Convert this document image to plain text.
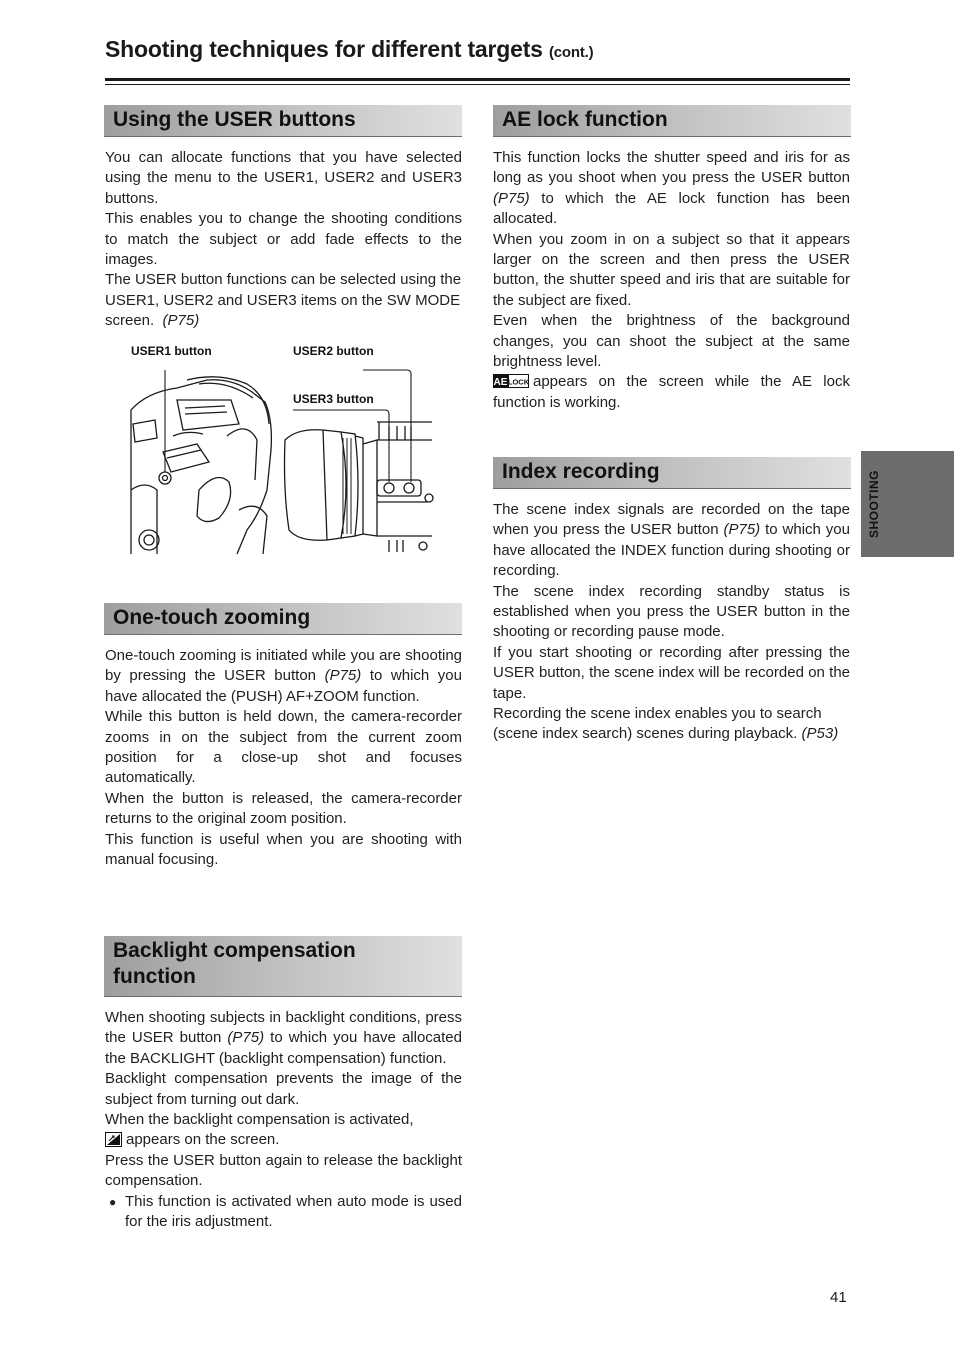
Shooting techniques for different targets (cont.)
Using the USER buttons

You can allocate functions that you have selected using the menu to the USER1, USER2 and USER3 buttons.

This enables you to change the shooting conditions to match the subject or add fade effects to the images.

The USER button functions can be selected using the USER1, USER2 and USER3 items on the SW MODE screen. (P75)

USER1 button	USER2 button
USER3 button
One-touch zooming

One-touch zooming is initiated while you are shooting by pressing the USER button (P75) to which you have allocated the (PUSH) AF+ZOOM function.

While this button is held down, the camera-recorder zooms in on the subject from the current zoom position for a close-up shot and focuses automatically.

When the button is released, the camera-recorder returns to the original zoom position.

This function is useful when you are shooting with manual focusing.

Backlight compensation
function

When shooting subjects in backlight conditions, press the USER button (P75) to which you have allocated the BACKLIGHT (backlight compensation) function.

Backlight compensation prevents the image of the subject from turning out dark.

When the backlight compensation is activated,
appears on the screen.

Press the USER button again to release the backlight compensation.

● This function is activated when auto mode is used for the iris adjustment.
AE lock function

This function locks the shutter speed and iris for as long as you shoot when you press the USER button (P75) to which the AE lock function has been allocated.

When you zoom in on a subject so that it appears larger on the screen and then press the USER button, the shutter speed and iris that are suitable for the subject are fixed.

Even when the brightness of the background changes, you can shoot the subject at the same brightness level.

AE LOCK appears on the screen while the AE lock function is working.

Index recording

The scene index signals are recorded on the tape when you press the USER button (P75) to which you have allocated the INDEX function during shooting or recording.

The scene index recording standby status is established when you press the USER button in the shooting or recording pause mode.

If you start shooting or recording after pressing the USER button, the scene index will be recorded on the tape.

Recording the scene index enables you to search (scene index search) scenes during playback. (P53)

SHOOTING
41
